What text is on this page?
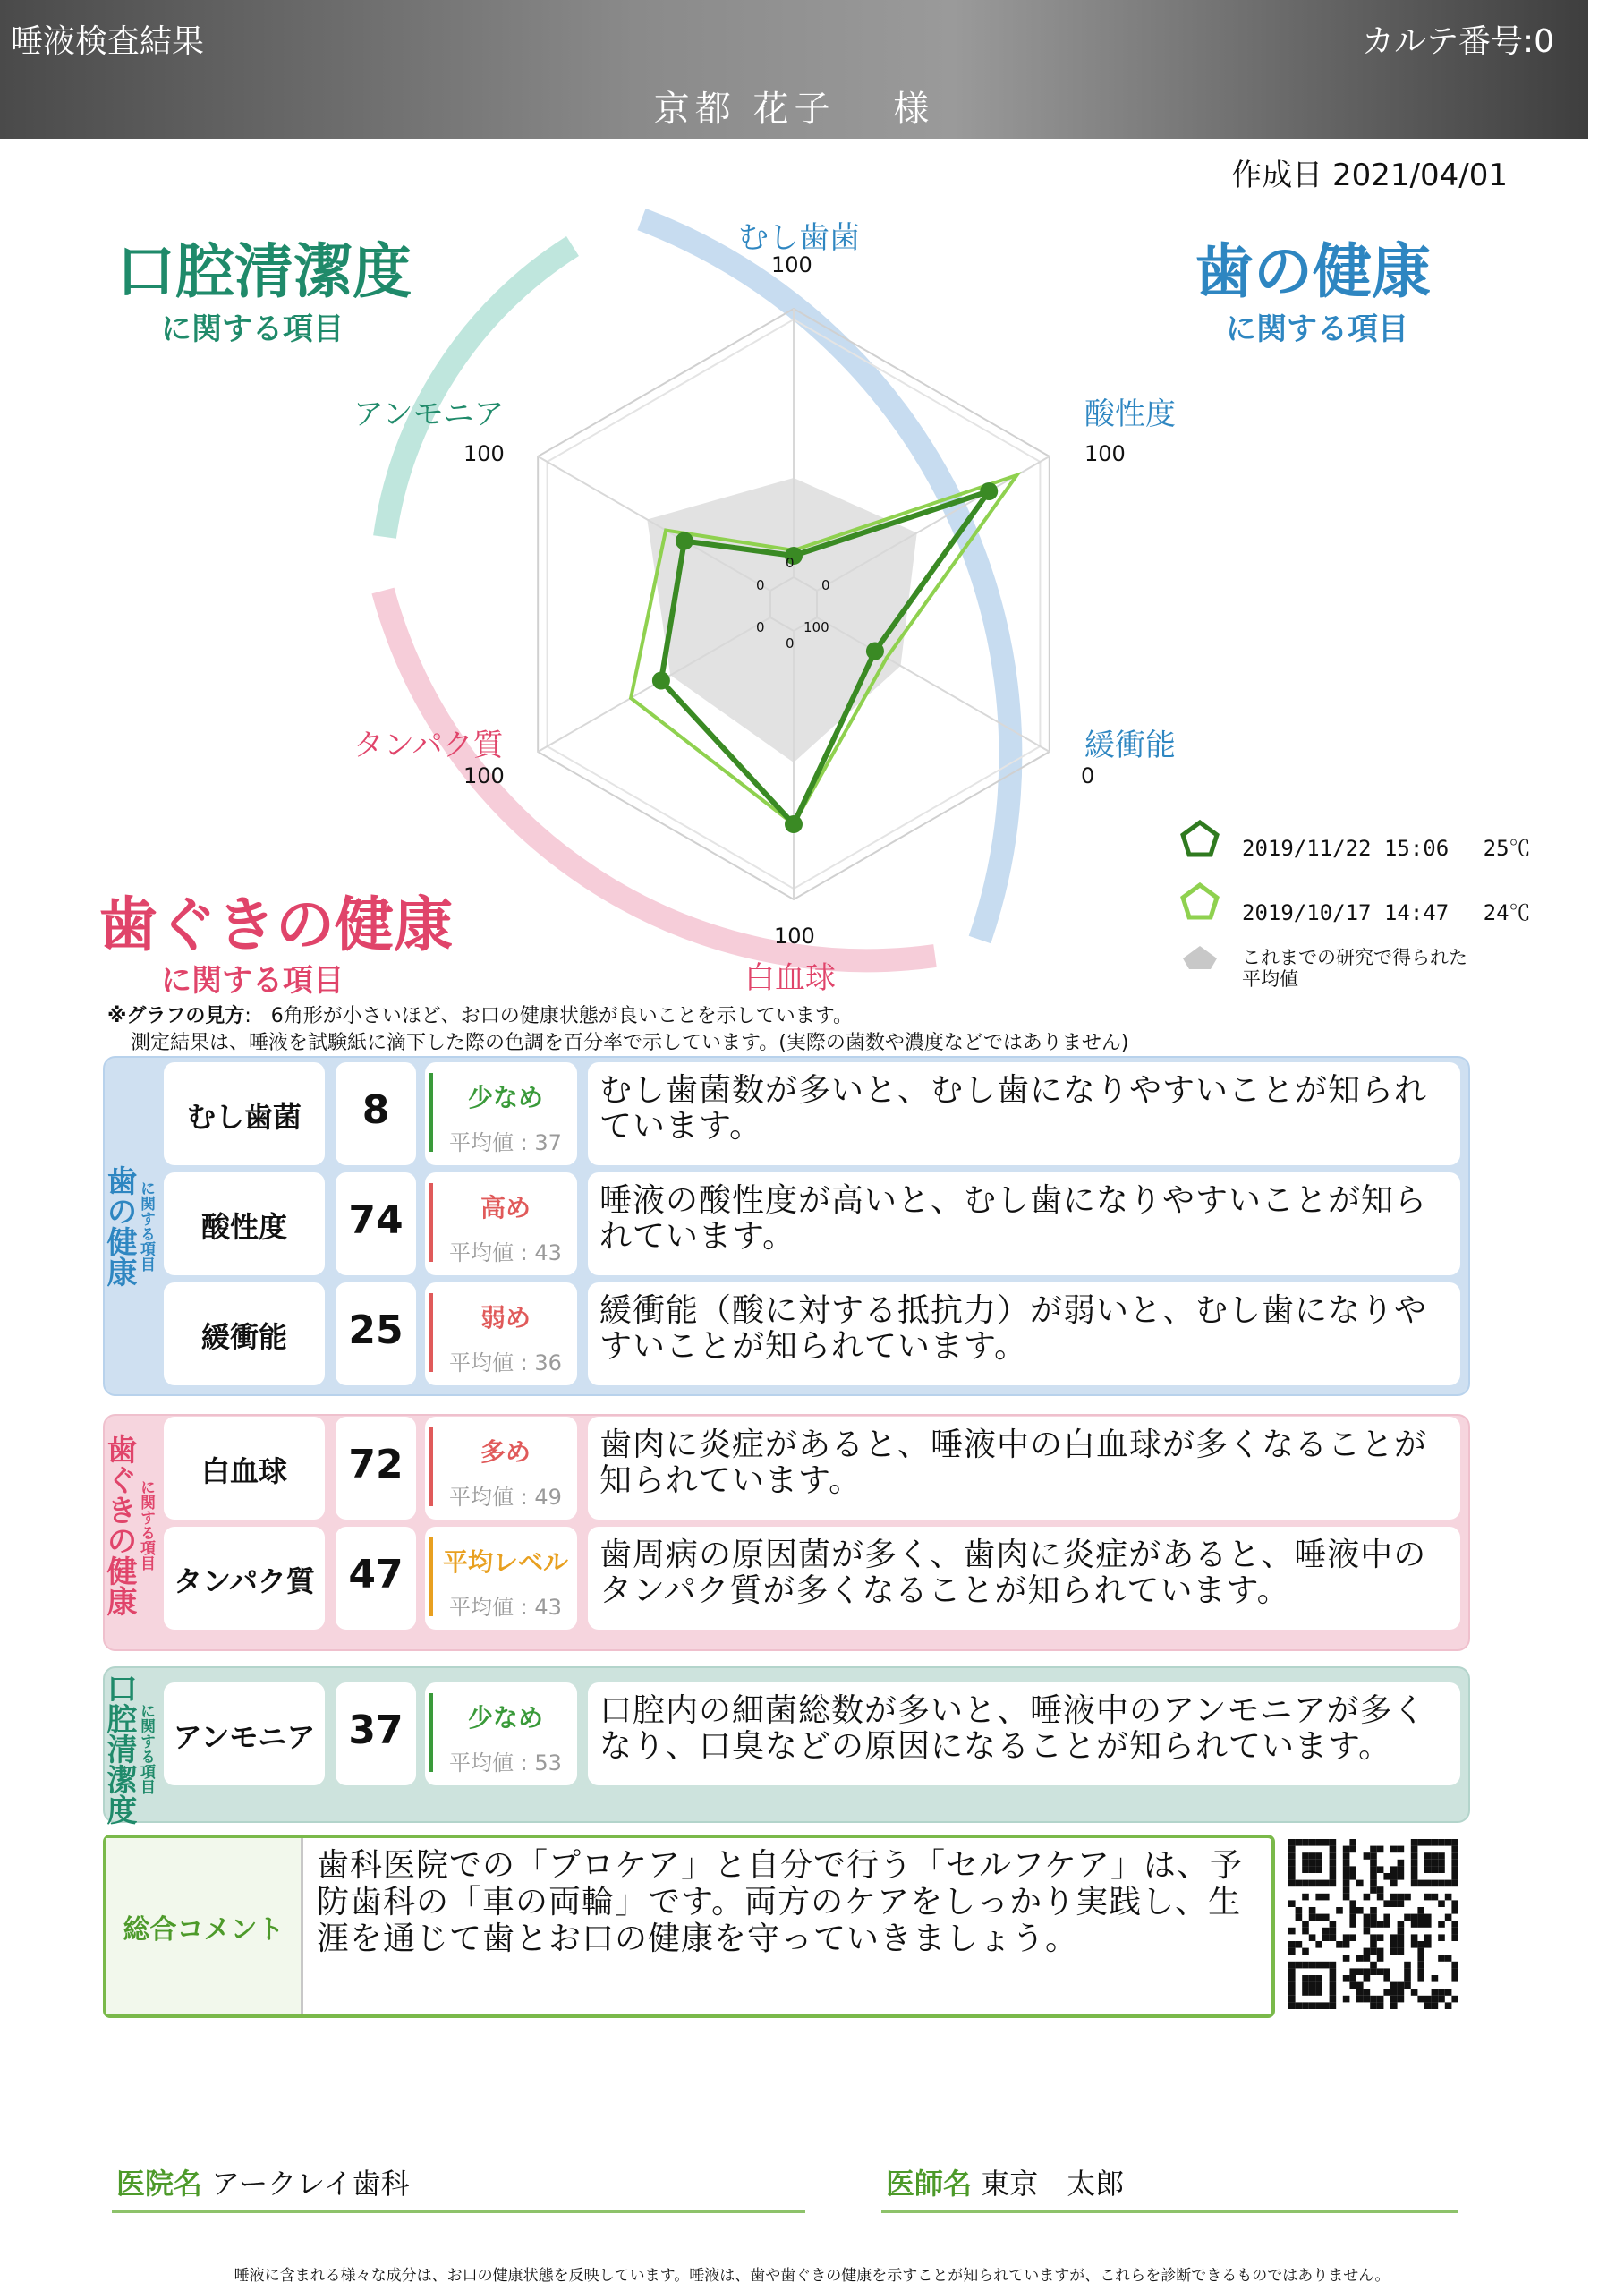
唾液検査結果	カルテ番号:0
京都 花子　 様
作成日 2021/04/01
口腔清潔度
に関する項目
歯の健康
に関する項目
歯ぐきの健康
に関する項目
むし歯菌
100
酸性度
100
緩衝能
0
白血球
100
タンパク質
100
アンモニア
100
0
0
100
0
0
0
2019/11/22 15:06　 25℃
2019/10/17 14:47　 24℃
これまでの研究で得られた
平均値
※グラフの見方:　6角形が小さいほど、お口の健康状態が良いことを示しています。
測定結果は、唾液を試験紙に滴下した際の色調を百分率で示しています。(実際の菌数や濃度などではありません)
歯の健康 に関する項目
歯ぐきの健康 に関する項目
口腔清潔度 に関する項目
むし歯菌	8	少なめ
平均値 : 37
むし歯菌数が多いと、むし歯になりやすいことが知られています。
酸性度	74	高め
平均値 : 43
唾液の酸性度が高いと、むし歯になりやすいことが知られています。
緩衝能	25	弱め
平均値 : 36
緩衝能（酸に対する抵抗力）が弱いと、むし歯になりやすいことが知られています。
白血球	72	多め
平均値 : 49
歯肉に炎症があると、唾液中の白血球が多くなることが知られています。
タンパク質 47	平均レベル
平均値 : 43
歯周病の原因菌が多く、歯肉に炎症があると、唾液中のタンパク質が多くなることが知られています。
アンモニア 37	少なめ
平均値 : 53
口腔内の細菌総数が多いと、唾液中のアンモニアが多くなり、口臭などの原因になることが知られています。
総合コメント
歯科医院での「プロケア」と自分で行う「セルフケア」は、予防歯科の「車の両輪」です。両方のケアをしっかり実践し、生涯を通じて歯とお口の健康を守っていきましょう。
医院名 アークレイ歯科	医師名 東京　太郎
唾液に含まれる様々な成分は、お口の健康状態を反映しています。唾液は、歯や歯ぐきの健康を示すことが知られていますが、これらを診断できるものではありません。
